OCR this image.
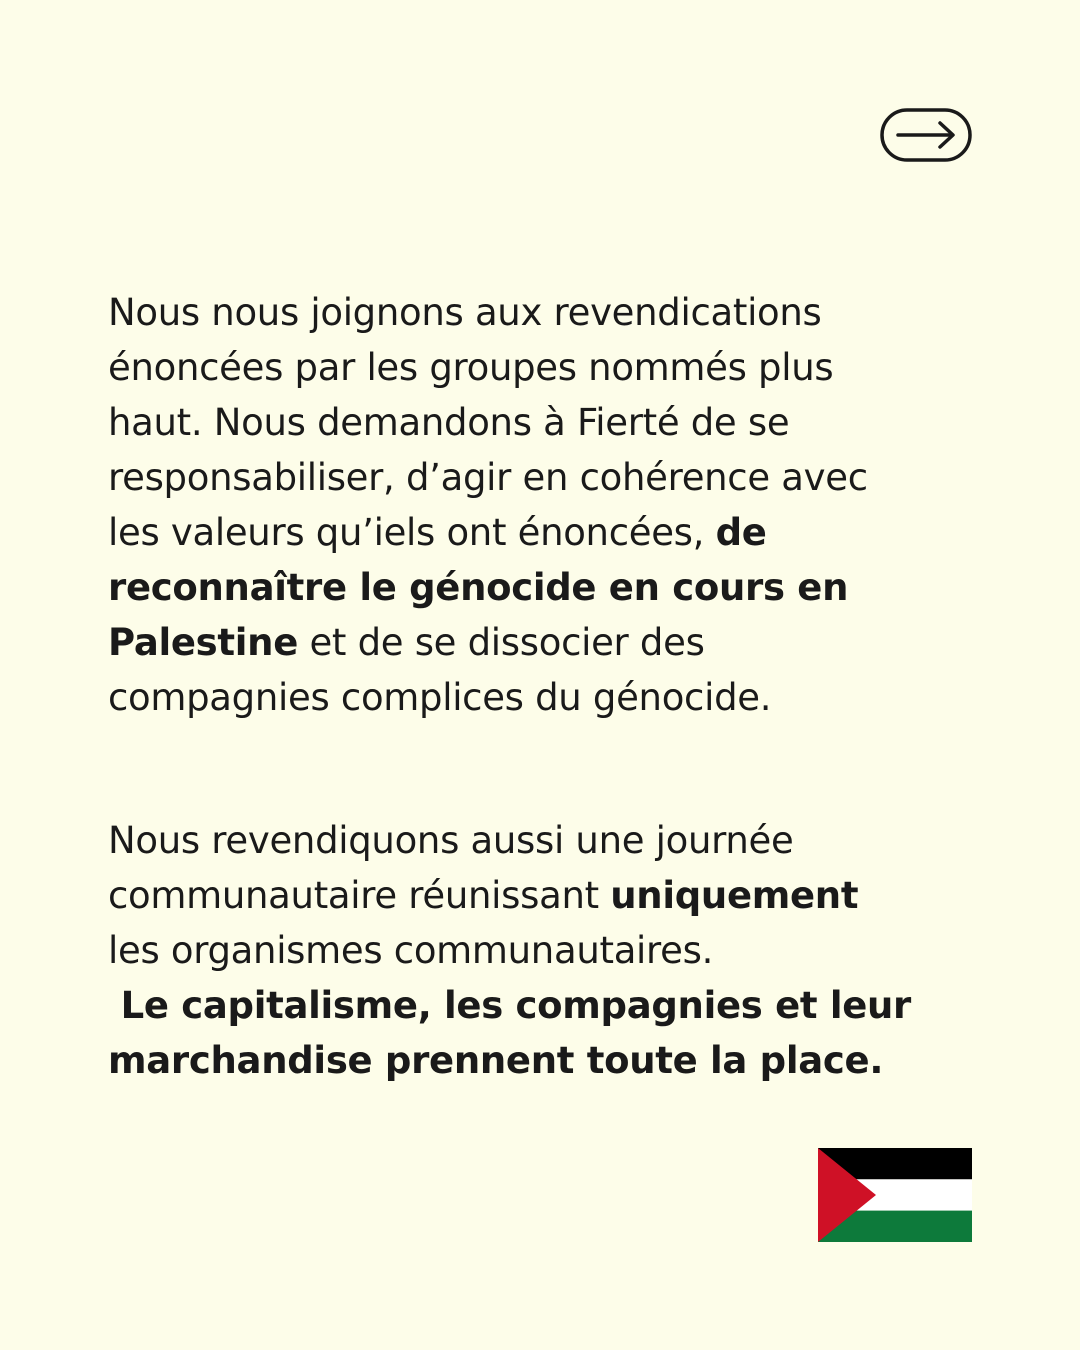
Nous nous joignons aux revendications
énoncées par les groupes nommés plus
haut. Nous demandons à Fierté de se
responsabiliser, d’agir en cohérence avec
les valeurs qu’iels ont énoncées, de
reconnaître le génocide en cours en
Palestine et de se dissocier des
compagnies complices du génocide.
Nous revendiquons aussi une journée
communautaire réunissant uniquement
les organismes communautaires.
Le capitalisme, les compagnies et leur
marchandise prennent toute la place.
